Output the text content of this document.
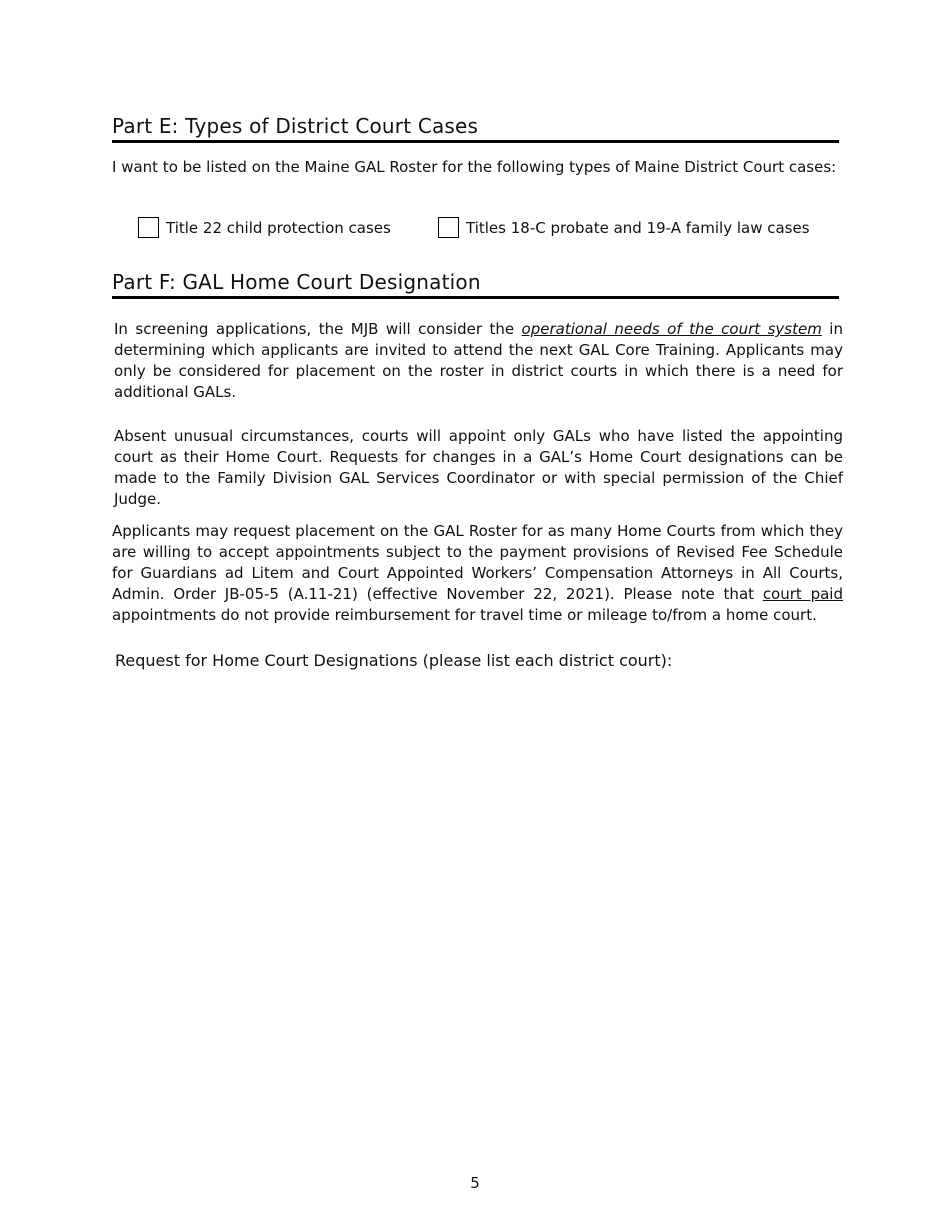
Part E: Types of District Court Cases
I want to be listed on the Maine GAL Roster for the following types of Maine District Court cases:
Title 22 child protection cases	Titles 18-C probate and 19-A family law cases
Part F: GAL Home Court Designation
In screening applications, the MJB will consider the operational needs of the court system in determining which applicants are invited to attend the next GAL Core Training. Applicants may only be considered for placement on the roster in district courts in which there is a need for additional GALs.
Absent unusual circumstances, courts will appoint only GALs who have listed the appointing court as their Home Court. Requests for changes in a GAL’s Home Court designations can be made to the Family Division GAL Services Coordinator or with special permission of the Chief Judge.
Applicants may request placement on the GAL Roster for as many Home Courts from which they are willing to accept appointments subject to the payment provisions of Revised Fee Schedule for Guardians ad Litem and Court Appointed Workers’ Compensation Attorneys in All Courts, Admin. Order JB-05-5 (A.11-21) (effective November 22, 2021). Please note that court paid appointments do not provide reimbursement for travel time or mileage to/from a home court.
Request for Home Court Designations (please list each district court):
5
